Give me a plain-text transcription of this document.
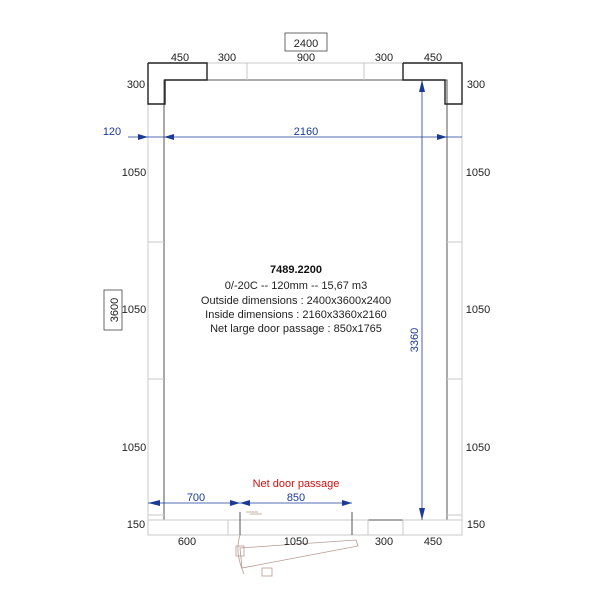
2400
3600
450	300	900	300	450
300	300
120	2160
1050
1050
1050
150
1050
1050
1050
150
3360
Net door passage
700	850
600	1050	300	450
7489.2200
0/-20C -- 120mm -- 15,67 m3
Outside dimensions : 2400x3600x2400
Inside dimensions : 2160x3360x2160
Net large door passage : 850x1765
